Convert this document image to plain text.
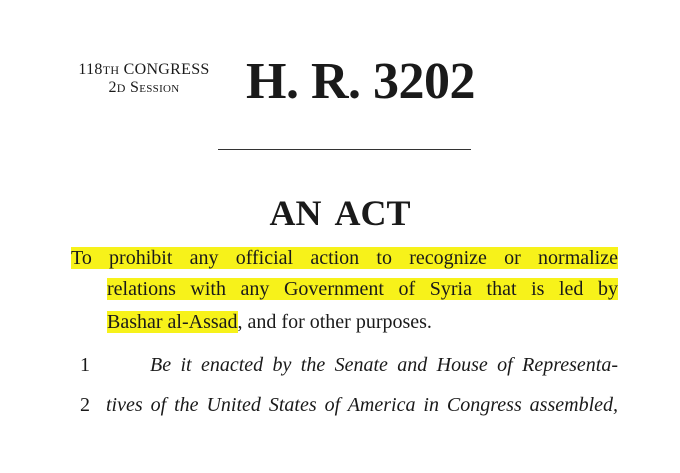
118TH CONGRESS
2D Session	H. R. 3202
AN ACT
To prohibit any official action to recognize or normalize
relations with any Government of Syria that is led by
Bashar al-Assad, and for other purposes.
1	Be it enacted by the Senate and House of Representa-
2 tives of the United States of America in Congress assembled,
